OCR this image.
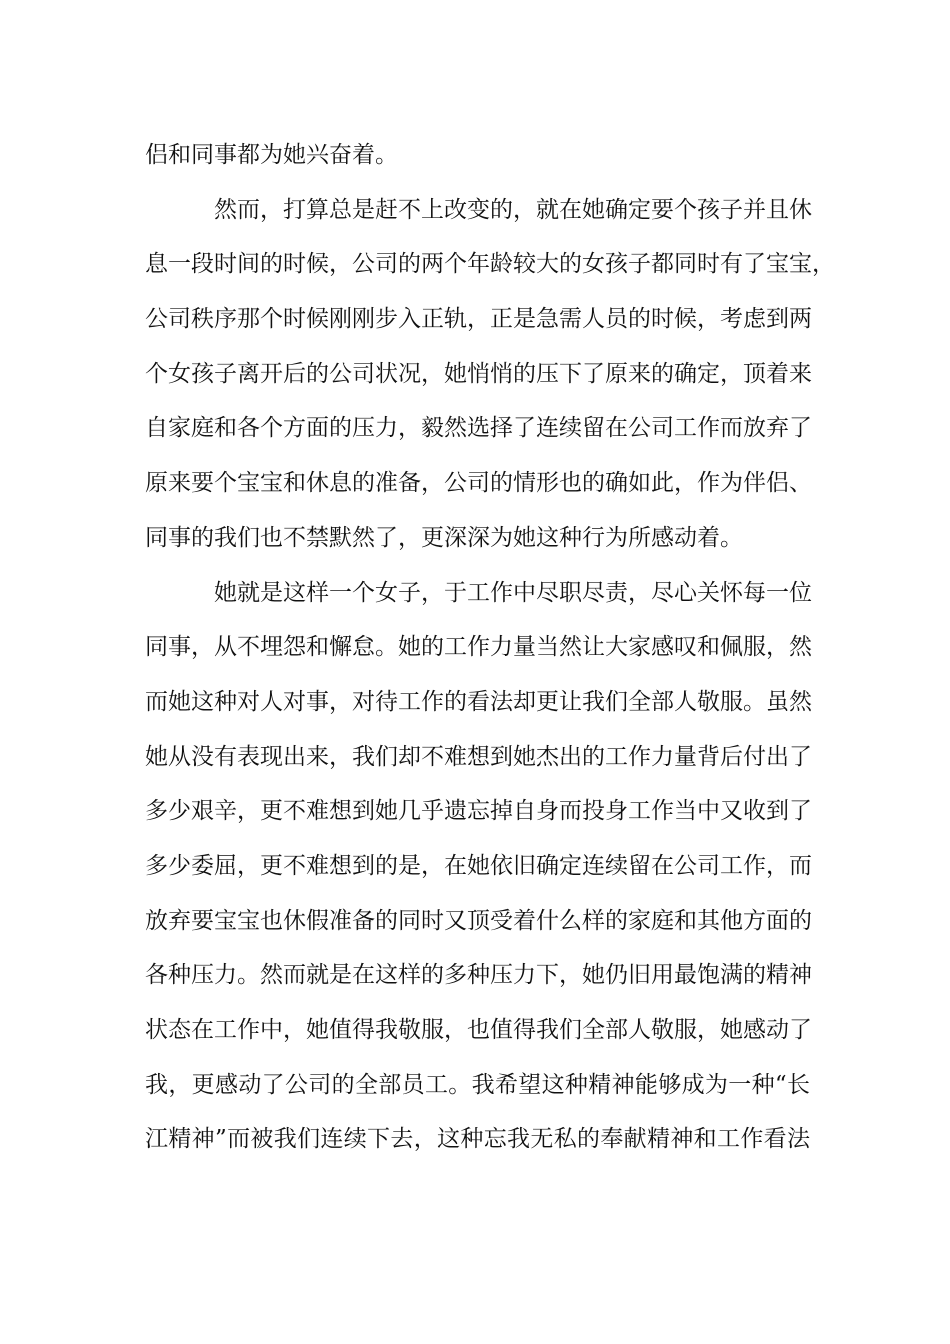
侣和同事都为她兴奋着。
然而，打算总是赶不上改变的，就在她确定要个孩子并且休
息一段时间的时候，公司的两个年龄较大的女孩子都同时有了宝宝，
公司秩序那个时候刚刚步入正轨，正是急需人员的时候，考虑到两
个女孩子离开后的公司状况，她悄悄的压下了原来的确定，顶着来
自家庭和各个方面的压力，毅然选择了连续留在公司工作而放弃了
原来要个宝宝和休息的准备，公司的情形也的确如此，作为伴侣、
同事的我们也不禁默然了，更深深为她这种行为所感动着。
她就是这样一个女子，于工作中尽职尽责，尽心关怀每一位
同事，从不埋怨和懈怠。她的工作力量当然让大家感叹和佩服，然
而她这种对人对事，对待工作的看法却更让我们全部人敬服。虽然
她从没有表现出来，我们却不难想到她杰出的工作力量背后付出了
多少艰辛，更不难想到她几乎遗忘掉自身而投身工作当中又收到了
多少委屈，更不难想到的是，在她依旧确定连续留在公司工作，而
放弃要宝宝也休假准备的同时又顶受着什么样的家庭和其他方面的
各种压力。然而就是在这样的多种压力下，她仍旧用最饱满的精神
状态在工作中，她值得我敬服，也值得我们全部人敬服，她感动了
我，更感动了公司的全部员工。我希望这种精神能够成为一种“长
江精神”而被我们连续下去，这种忘我无私的奉献精神和工作看法
